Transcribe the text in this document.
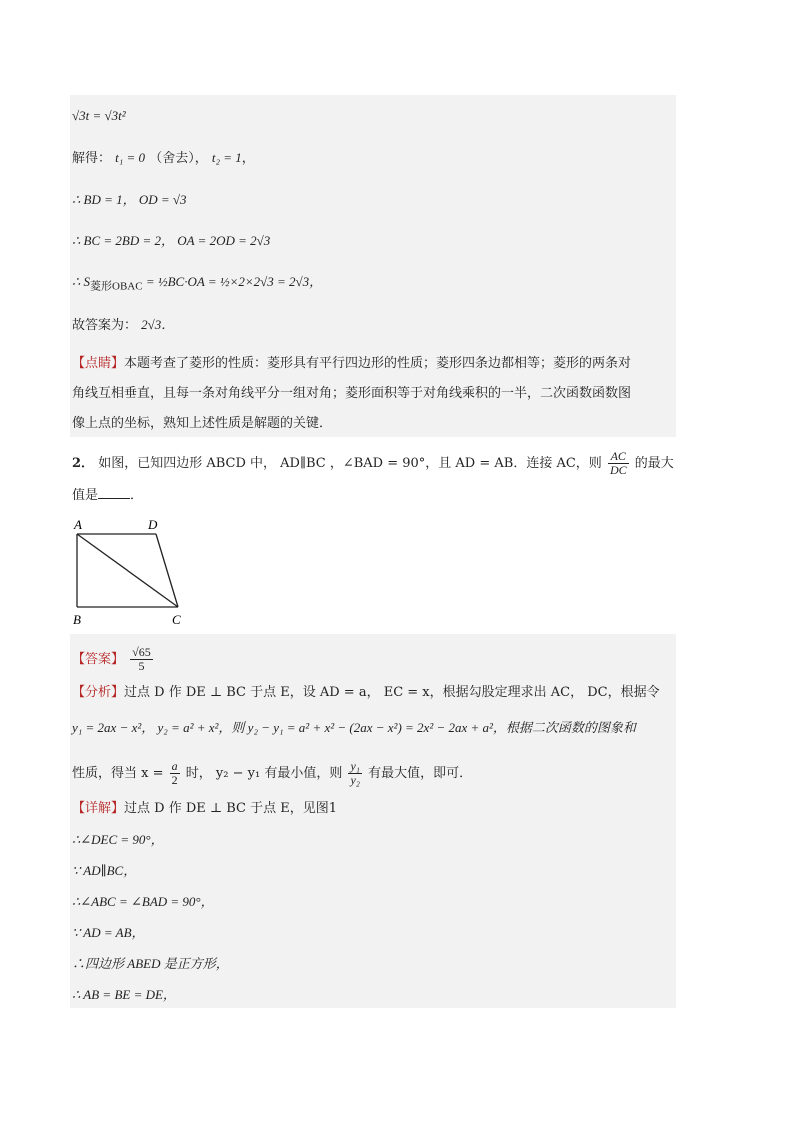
√3t = √3t²
解得： t₁ = 0 （舍去）， t₂ = 1，
∴ BD = 1， OD = √3
∴ BC = 2BD = 2， OA = 2OD = 2√3
∴ $S_{菱形OBAC}$ = ½BC·OA = ½×2×2√3 = 2√3，
故答案为： 2√3．
【点睛】本题考查了菱形的性质：菱形具有平行四边形的性质；菱形四条边都相等；菱形的两条对
角线互相垂直，且每一条对角线平分一组对角；菱形面积等于对角线乘积的一半，二次函数函数图
像上点的坐标，熟知上述性质是解题的关键．
2． 如图，已知四边形 ABCD 中， AD∥BC ，∠BAD = 90°，且 AD = AB．连接 AC，则 $\frac{AC}{DC}$ 的最大
值是 ．
A	D
B	C
【答案】 $\frac{√65}{5}$
【分析】过点 D 作 DE ⊥ BC 于点 E，设 AD = a， EC = x，根据勾股定理求出 AC， DC，根据令
y₁ = 2ax − x²， y₂ = a² + x²，则 y₂ − y₁ = a² + x² − (2ax − x²) = 2x² − 2ax + a²，根据二次函数的图象和
性质，得当 $x = \frac{a}{2}$ 时， y₂ − y₁ 有最小值，则 $\frac{\text{y₁}}{\text{y₂}}$ 有最大值，即可．
【详解】过点 D 作 DE ⊥ BC 于点 E，见图1
∴∠DEC = 90°，
∵ AD∥BC，
∴∠ABC = ∠BAD = 90°，
∵ AD = AB，
∴四边形 ABED 是正方形，
∴ AB = BE = DE，
